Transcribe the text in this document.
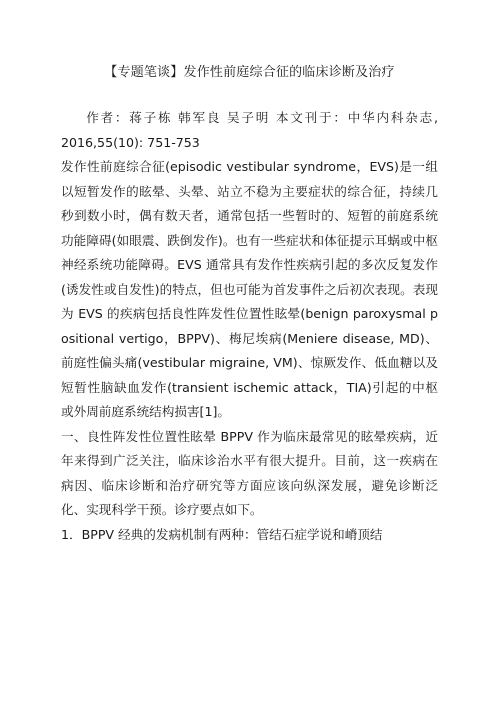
【专题笔谈】发作性前庭综合征的临床诊断及治疗

作者：蒋子栋 韩军良 吴子明 本文刊于：中华内科杂志, 2016,55(10): 751-753

发作性前庭综合征(episodic vestibular syndrome，EVS)是一组以短暂发作的眩晕、头晕、站立不稳为主要症状的综合征，持续几秒到数小时，偶有数天者，通常包括一些暂时的、短暂的前庭系统功能障碍(如眼震、跌倒发作)。也有一些症状和体征提示耳蜗或中枢神经系统功能障碍。EVS 通常具有发作性疾病引起的多次反复发作(诱发性或自发性)的特点，但也可能为首发事件之后初次表现。表现为 EVS 的疾病包括良性阵发性位置性眩晕(benign paroxysmal positional vertigo，BPPV)、梅尼埃病(Meniere disease, MD)、前庭性偏头痛(vestibular migraine, VM)、惊厥发作、低血糖以及短暂性脑缺血发作(transient ischemic attack，TIA)引起的中枢或外周前庭系统结构损害[1]。

一、良性阵发性位置性眩晕 BPPV 作为临床最常见的眩晕疾病，近年来得到广泛关注，临床诊治水平有很大提升。目前，这一疾病在病因、临床诊断和治疗研究等方面应该向纵深发展，避免诊断泛化、实现科学干预。诊疗要点如下。

1．BPPV 经典的发病机制有两种：管结石症学说和嵴顶结
